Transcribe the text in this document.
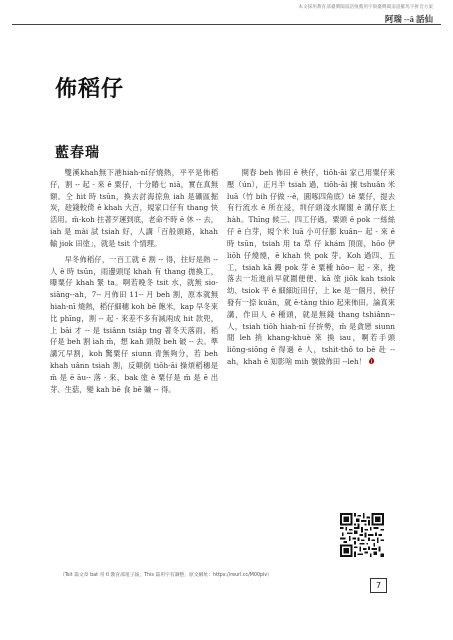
本文採用教育部臺灣閩南語推薦用字與臺灣閩南語羅馬字拼音方案
阿瑞 --ā 話仙
佈稻仔
藍春瑞

雙溪khah無下港hiah-nī仔燒熱，平平是佈稻仔，割 -- 起 - 來 ê 粟仔，十分賰七 niā，實在真無額。仝 hit 時 tsūn，換去討海掠魚 iah 是礦區掘炭，趁錢較倚 ê khah 大百，規家口仔有 thang 快活用。m̄-koh 拄著歹運到底，老命不時 ē 休 -- 去，iah 是 mài 試 tsiah 好，人講「百般頭路，khah 輸 jiok 田塗」，就是 tsit 个情理。

早冬佈稻仔，一百工就 ē 割 -- 得，拄好是熱 -- 人 ê 時 tsūn，雨邊頭尾 khah 有 thang 拋換工，曝粟仔 khah 緊 ta。啊若晚冬 tsit 水，就無 sio-siāng--ah，7-- 月佈田 11-- 月 beh 割，原本就無 hiah-nī 燒熱，稻仔細穗 koh bē 飽米，kap 早冬來比 phīng，割 -- 起 - 來差不多有減兩成 hit 款兜，上 bāi 才 -- 是 tsiânn tsiâp tng 著冬天落雨，稻仔是 beh 割 iah m̄，想 kah 頭殼 beh 破 -- 去。準講冗早割，koh 驚粟仔 siunn 青無夠分，若 beh khah uânn tsiah 割，反顛倒 tiōh-āi 操煩稻穗是 m̄ 是 ē āu-- 落 - 來、bak 塗 ê 粟仔是 m̄ 是 ē 出芽、生菇，變 kah bē 食 bē 賺 -- 得。

開春 beh 佈田 ê 秧仔，tiōh-āi 家己用粟仔來壓（ún），正月半 tsiah 過，tiōh-āi 揀 tshuân 米 luā（竹 bih 仔做 --ê，圓啄四角底）tê 粟仔，提去有行流水 ê 所在浸，圳仔頭淺水閘閣 ê 溝仔底上 hàh。Thīng 候三、四工仔過，粟頭 ē pok 一絲絲仔 ê 白芽，規个米 luā 小可仔膨 kuân-- 起 - 來 ê 時 tsūn，tsiah 用 ta 草 仔 khám 頂面，hōo 伊 liōh 仔燒燒，ē khah 快 pok 芽。Koh 過四、五工，tsiah kā 鏝 pok 芽 ê 粟種 hōo-- 起 - 來，挽落去一坵進前早就圍便便、kā 塗 jiōk kah tsiok 幼、tsiok 平 ê 細細坵田仔，上 ke 是一個月，秧仔發有一捺 kuân，就 ē-tàng thio 起來佈田。論真來講，作田人 ê 種頭，就是無錢 thang tshiânn-- 人，tsiah tiōh hiah-nī 仔拚勢，m̄ 是貪戀 siunn 閒 leh 捎 khang-khuè 來 換 iau，啊若手頭 liōng-siōng ē 得過 ê 人，tshit-thô to bē 赴 --ah，khah ē 知影啥 mih 號做佈田 --leh！

（Tsit 篇文章 bat 刊 tī 教育部電子報，This 篇用字有調整，原文網址：https://reurl.cc/M00plv）
7
